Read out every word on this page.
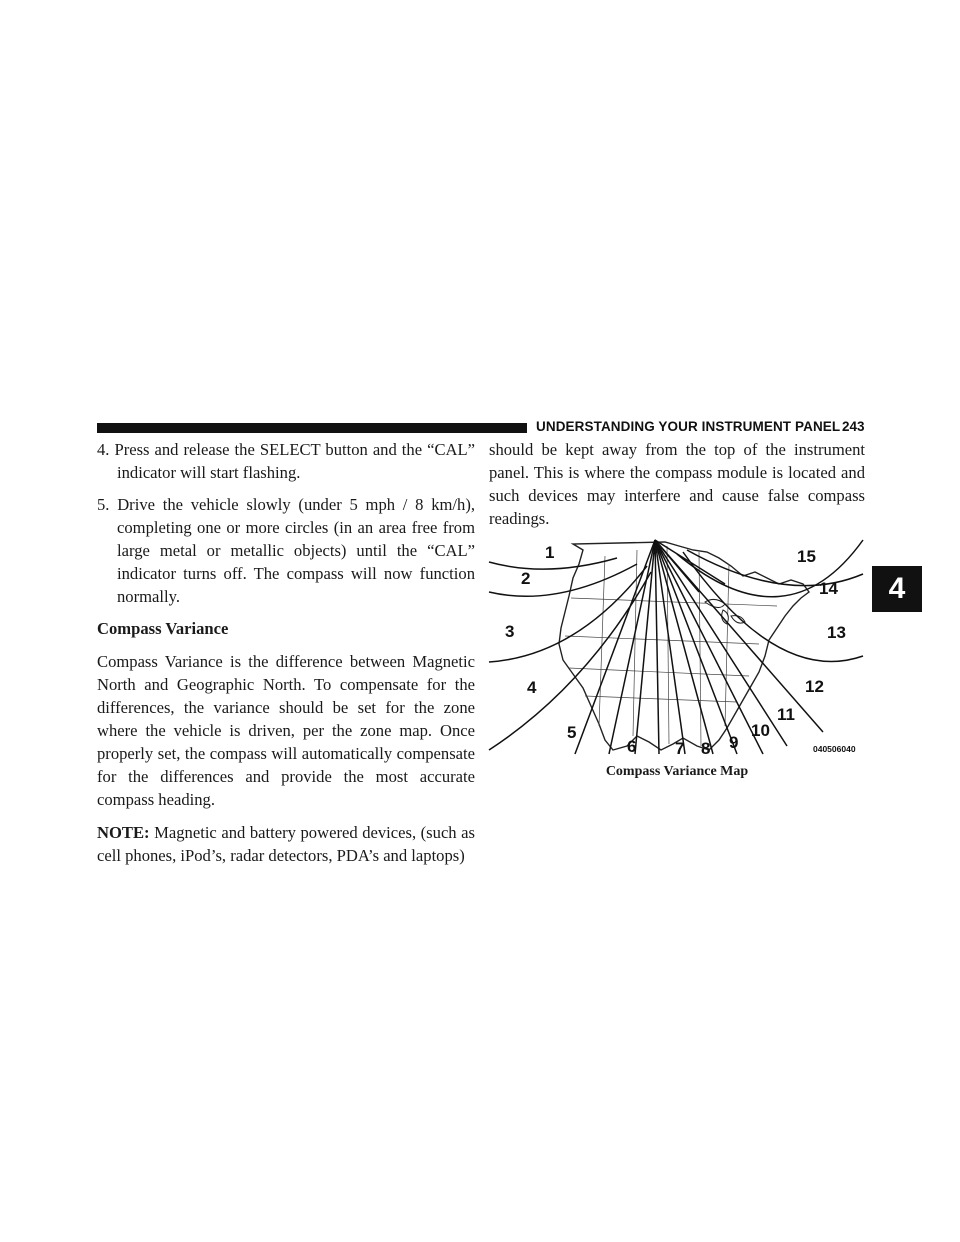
UNDERSTANDING YOUR INSTRUMENT PANEL 243
4

4. Press and release the SELECT button and the “CAL” indicator will start flashing.

5. Drive the vehicle slowly (under 5 mph / 8 km/h), completing one or more circles (in an area free from large metal or metallic objects) until the “CAL” indicator turns off. The compass will now function normally.

Compass Variance

Compass Variance is the difference between Magnetic North and Geographic North. To compensate for the differences, the variance should be set for the zone where the vehicle is driven, per the zone map. Once properly set, the compass will automatically compensate for the differences and provide the most accurate compass heading.

NOTE: Magnetic and battery powered devices, (such as cell phones, iPod’s, radar detectors, PDA’s and laptops)

should be kept away from the top of the instrument panel. This is where the compass module is located and such devices may interfere and cause false compass readings.

1
2
3
4
5
6 7 8 9
10
11
12
13
14
15
040506040
Compass Variance Map
